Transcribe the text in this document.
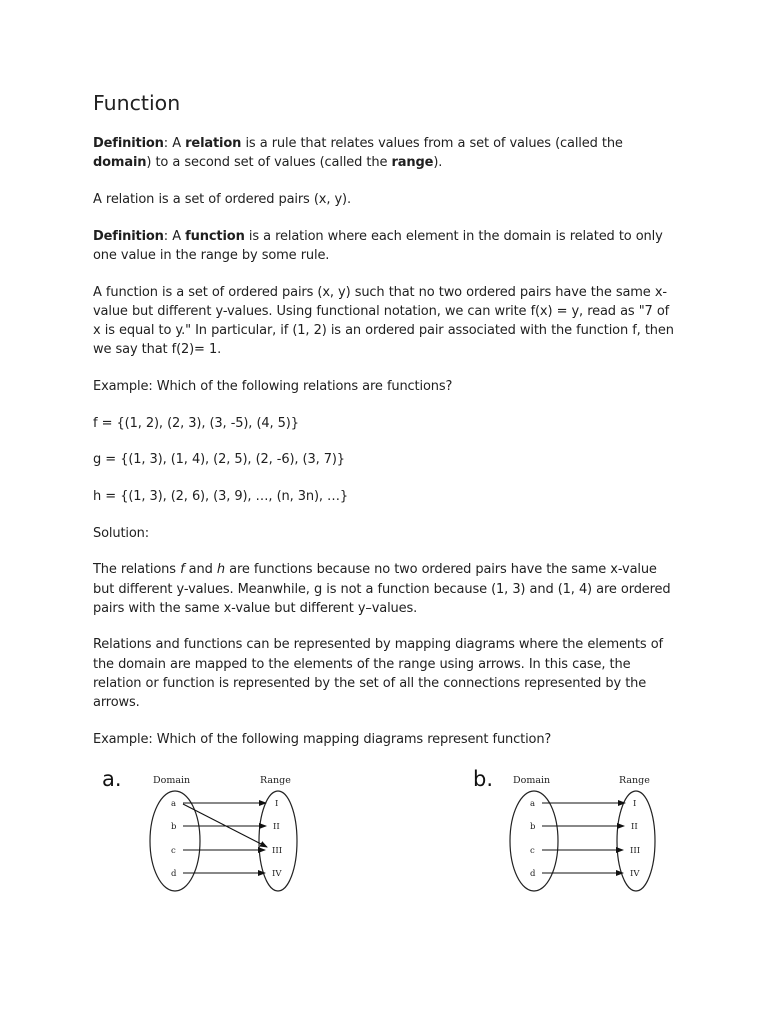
Function

Definition: A relation is a rule that relates values from a set of values (called the domain) to a second set of values (called the range).

A relation is a set of ordered pairs (x, y).

Definition: A function is a relation where each element in the domain is related to only one value in the range by some rule.

A function is a set of ordered pairs (x, y) such that no two ordered pairs have the same x-value but different y-values. Using functional notation, we can write f(x) = y, read as "7 of x is equal to y." In particular, if (1, 2) is an ordered pair associated with the function f, then we say that f(2)= 1.

Example: Which of the following relations are functions?

f = {(1, 2), (2, 3), (3, -5), (4, 5)}

g = {(1, 3), (1, 4), (2, 5), (2, -6), (3, 7)}

h = {(1, 3), (2, 6), (3, 9), …, (n, 3n), …}

Solution:

The relations f and h are functions because no two ordered pairs have the same x-value but different y-values. Meanwhile, g is not a function because (1, 3) and (1, 4) are ordered pairs with the same x-value but different y–values.

Relations and functions can be represented by mapping diagrams where the elements of the domain are mapped to the elements of the range using arrows. In this case, the relation or function is represented by the set of all the connections represented by the arrows.

Example: Which of the following mapping diagrams represent function?

a.	Domain	Range
a
b
c
d
I
II
III
IV
b. Domain	Range
a
b
c
d
I
II
III
IV
